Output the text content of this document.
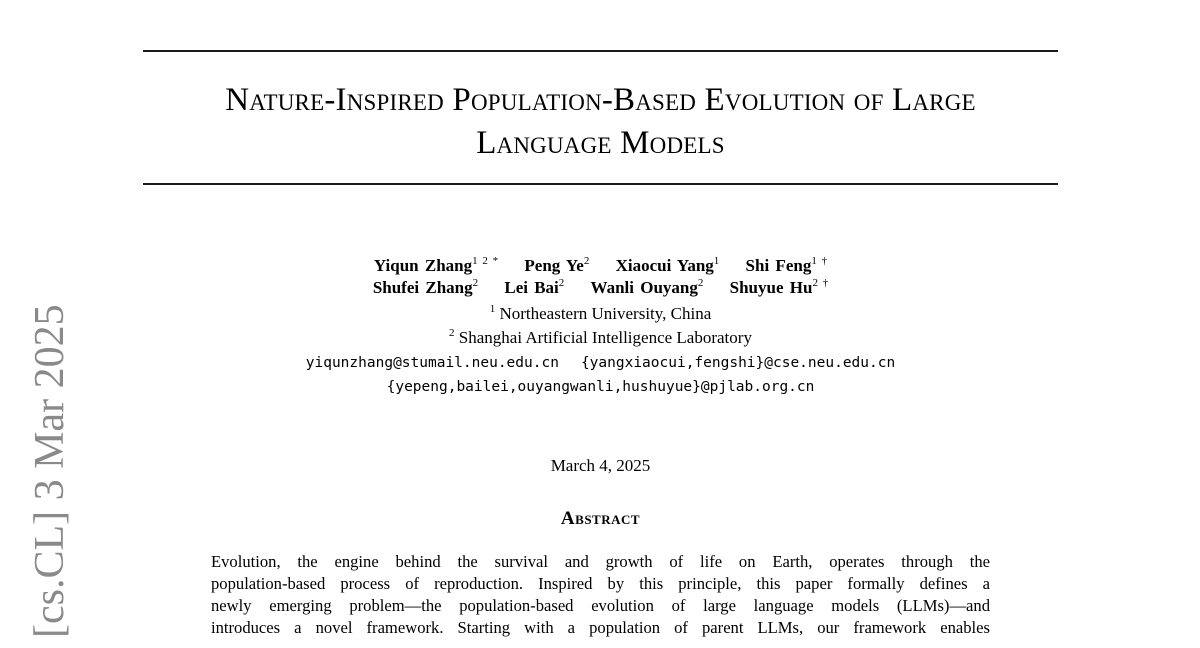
Nature-Inspired Population-Based Evolution of Large
Language Models
Yiqun Zhang$^{1 2 *}$ Peng Ye$^2$ Xiaocui Yang$^1$ Shi Feng$^{1 \dagger}$
Shufei Zhang$^2$ Lei Bai$^2$ Wanli Ouyang$^2$ Shuyue $Hu^{2 \dagger}$
$^1$ Northeastern University, China
$^2$ Shanghai Artificial Intelligence Laboratory
yiqunzhang@stumail.neu.edu.cn {yangxiaocui,fengshi}@cse.neu.edu.cn
{yepeng,bailei,ouyangwanli,hushuyue}@pjlab.org.cn
March 4, 2025
Abstract
Evolution, the engine behind the survival and growth of life on Earth, operates through the
population-based process of reproduction. Inspired by this principle, this paper formally defines a
newly emerging problem—the population-based evolution of large language models (LLMs)—and
introduces a novel framework. Starting with a population of parent LLMs, our framework enables
[cs.CL] 3 Mar 2025
